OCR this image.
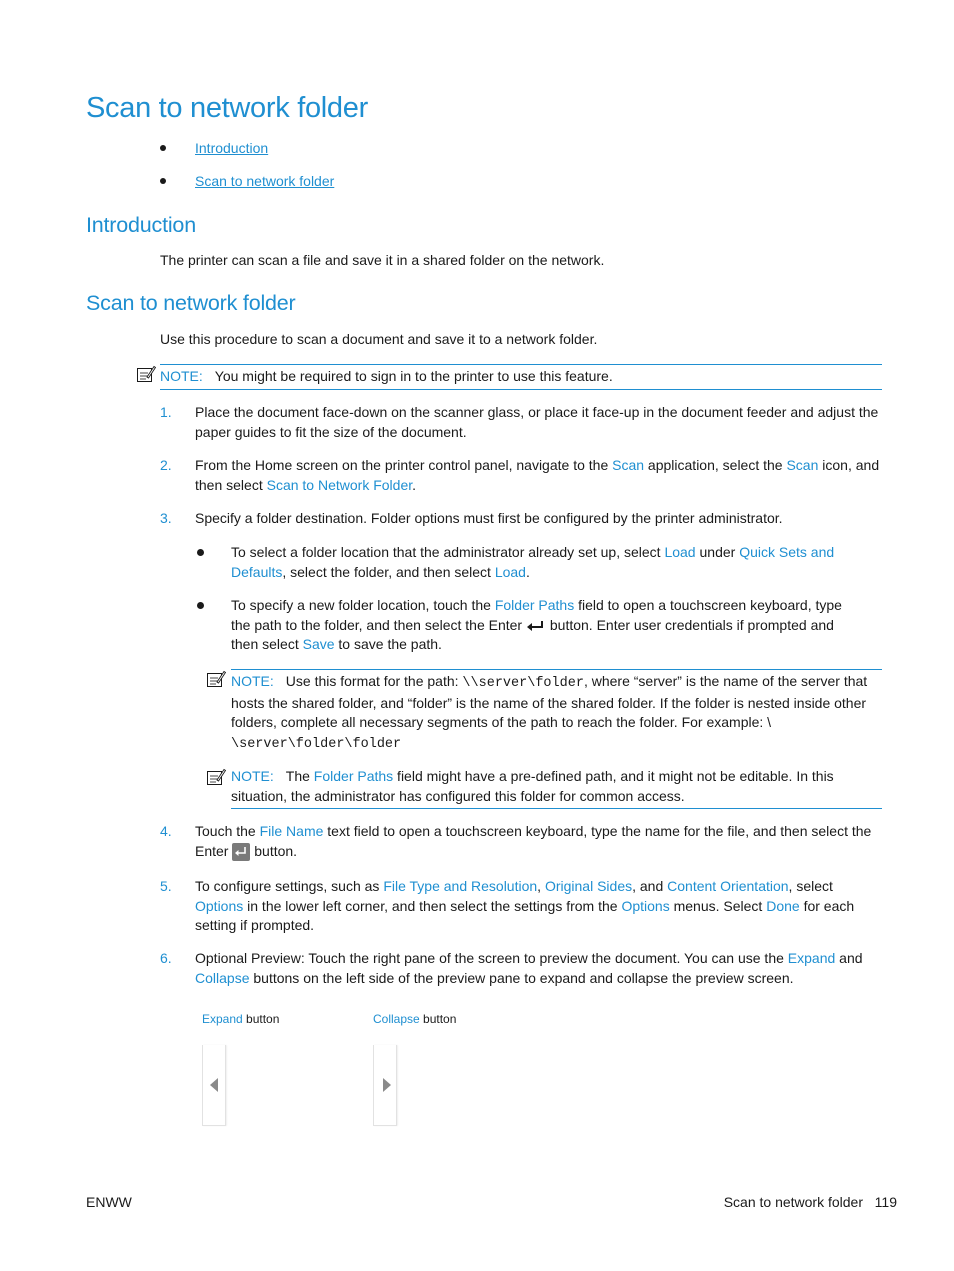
Scan to network folder
Introduction
Scan to network folder
Introduction
The printer can scan a file and save it in a shared folder on the network.
Scan to network folder
Use this procedure to scan a document and save it to a network folder.
NOTE: You might be required to sign in to the printer to use this feature.
1. Place the document face-down on the scanner glass, or place it face-up in the document feeder and adjust the paper guides to fit the size of the document.
2. From the Home screen on the printer control panel, navigate to the Scan application, select the Scan icon, and then select Scan to Network Folder.
3. Specify a folder destination. Folder options must first be configured by the printer administrator.
To select a folder location that the administrator already set up, select Load under Quick Sets and Defaults, select the folder, and then select Load.
To specify a new folder location, touch the Folder Paths field to open a touchscreen keyboard, type the path to the folder, and then select the Enter  button. Enter user credentials if prompted and then select Save to save the path.
NOTE: Use this format for the path: \\server\folder, where “server” is the name of the server that hosts the shared folder, and “folder” is the name of the shared folder. If the folder is nested inside other folders, complete all necessary segments of the path to reach the folder. For example: \
\server\folder\folder
NOTE: The Folder Paths field might have a pre-defined path, and it might not be editable. In this situation, the administrator has configured this folder for common access.
4. Touch the File Name text field to open a touchscreen keyboard, type the name for the file, and then select the Enter  button.
5. To configure settings, such as File Type and Resolution, Original Sides, and Content Orientation, select Options in the lower left corner, and then select the settings from the Options menus. Select Done for each setting if prompted.
6. Optional Preview: Touch the right pane of the screen to preview the document. You can use the Expand and Collapse buttons on the left side of the preview pane to expand and collapse the preview screen.
Expand button	Collapse button
ENWW	Scan to network folder 119
